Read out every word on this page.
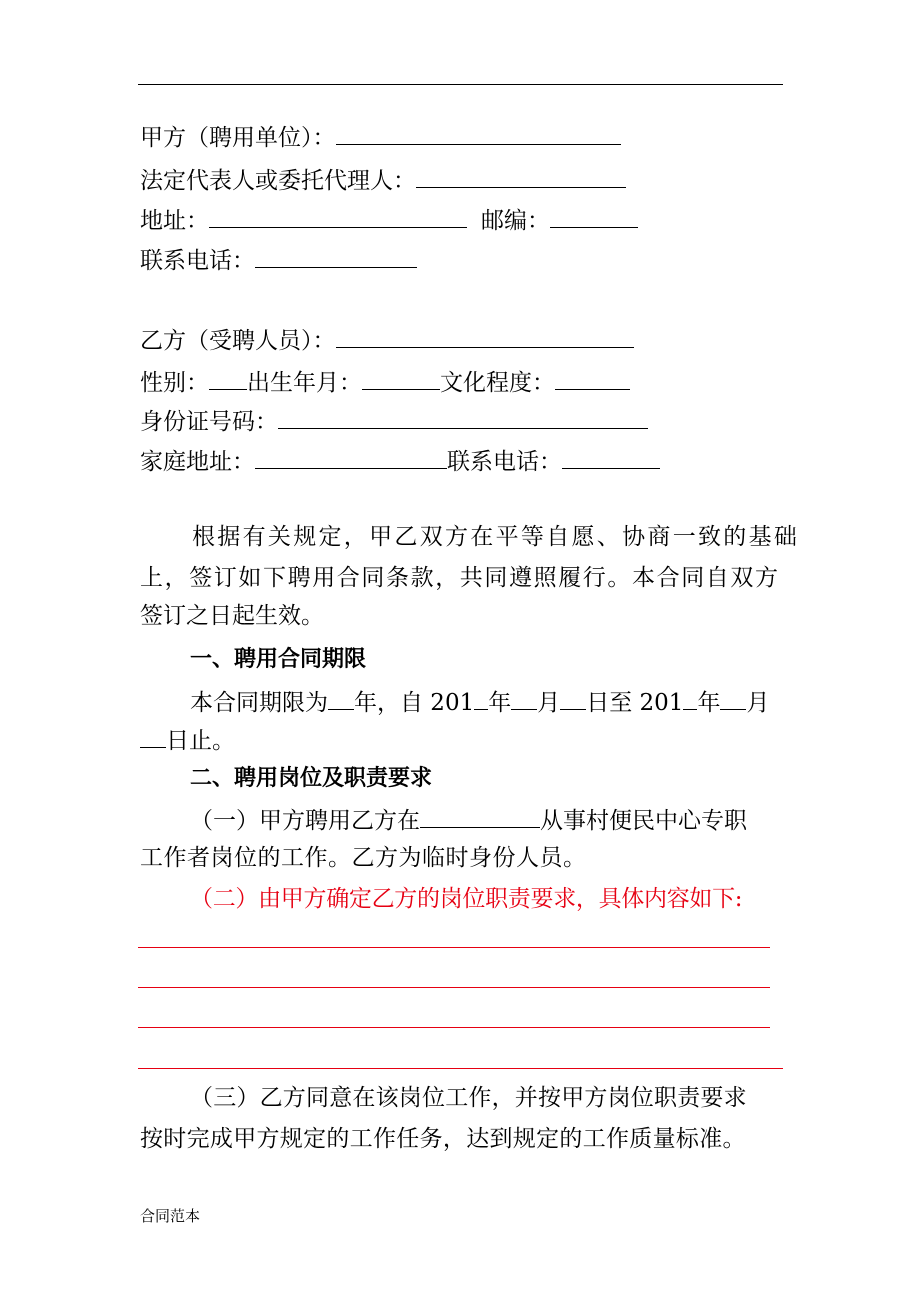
甲方（聘用单位）：
法定代表人或委托代理人：
地址：	邮编：
联系电话：
乙方（受聘人员）：
性别： 出生年月：	文化程度：
身份证号码：
家庭地址：	联系电话：
根据有关规定，甲乙双方在平等自愿、协商一致的基础
上，签订如下聘用合同条款，共同遵照履行。本合同自双方
签订之日起生效。
一、聘用合同期限
本合同期限为 年，自 201 年 月 日至 201 年 月
日止。
二、聘用岗位及职责要求
（一）甲方聘用乙方在	从事村便民中心专职
工作者岗位的工作。乙方为临时身份人员。
（二）由甲方确定乙方的岗位职责要求，具体内容如下:
（三）乙方同意在该岗位工作，并按甲方岗位职责要求
按时完成甲方规定的工作任务，达到规定的工作质量标准。
合同范本
